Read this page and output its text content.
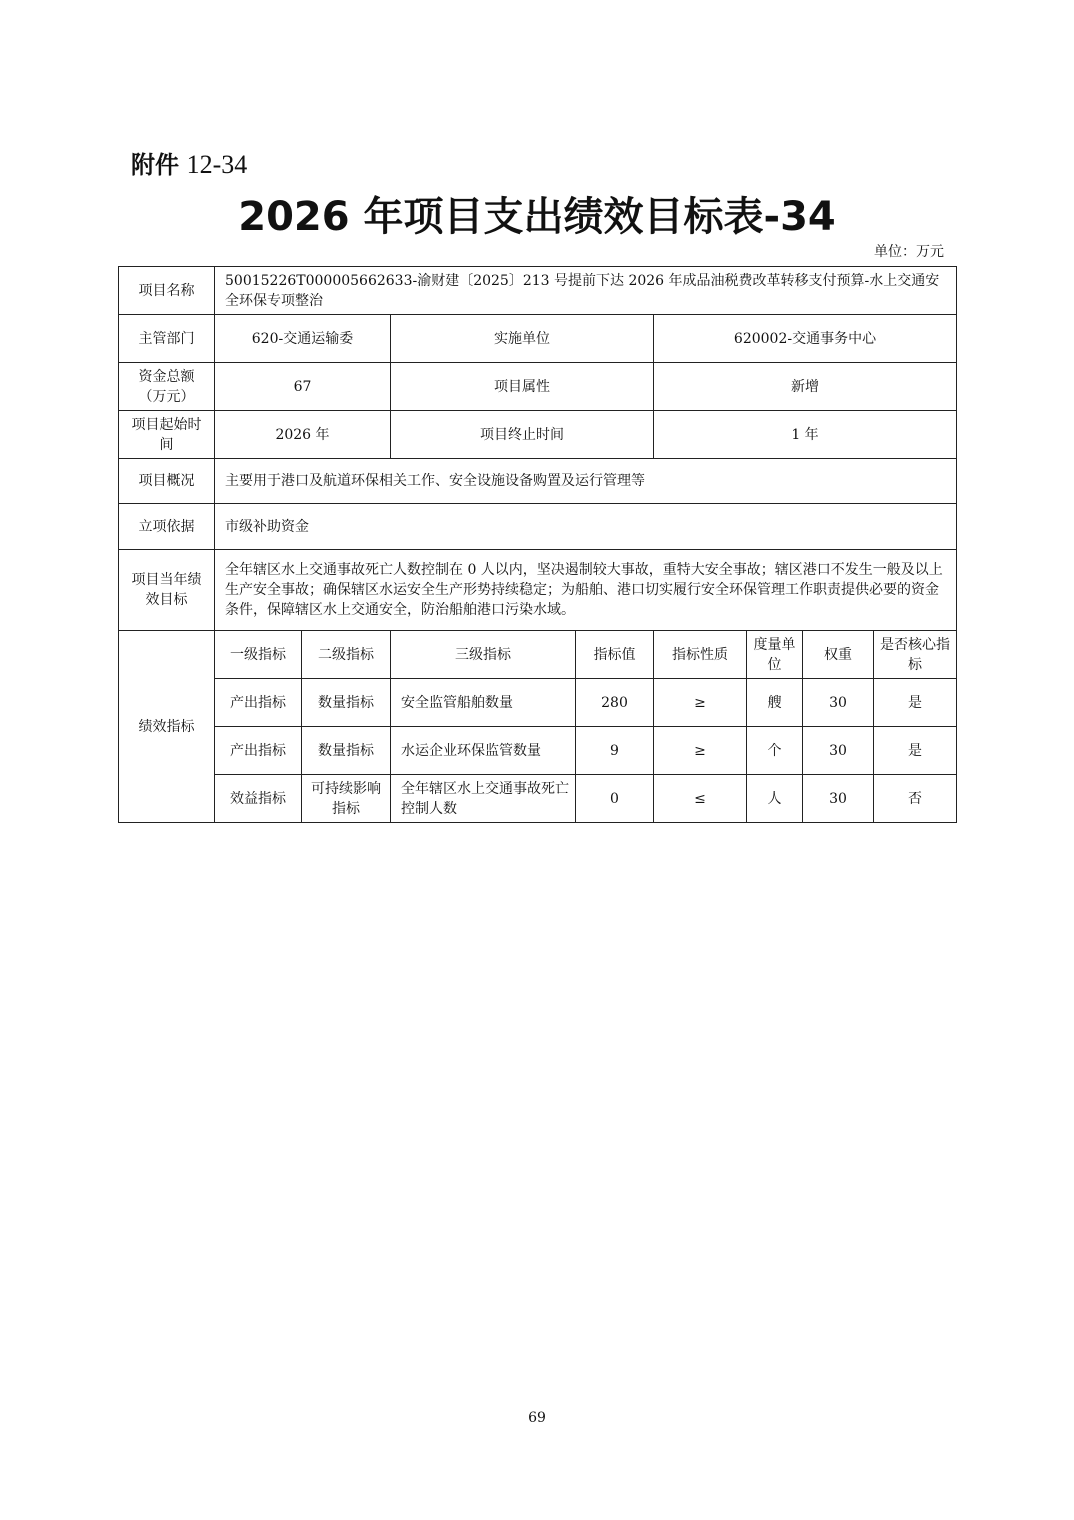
附件 12-34
2026 年项目支出绩效目标表-34
单位：万元
项目名称	50015226T000005662633-渝财建〔2025〕213 号提前下达 2026 年成品油税费改革转移支付预算-水上交通安全环保专项整治							
主管部门	620-交通运输委		实施单位		620002-交通事务中心			
资金总额（万元）	67		项目属性		新增			
项目起始时间	2026 年		项目终止时间		1 年			
项目概况	主要用于港口及航道环保相关工作、安全设施设备购置及运行管理等							
立项依据	市级补助资金							
项目当年绩效目标	全年辖区水上交通事故死亡人数控制在 0 人以内，坚决遏制较大事故，重特大安全事故；辖区港口不发生一般及以上生产安全事故；确保辖区水运安全生产形势持续稳定；为船舶、港口切实履行安全环保管理工作职责提供必要的资金条件，保障辖区水上交通安全，防治船舶港口污染水域。							
绩效指标	一级指标	二级指标	三级指标	指标值	指标性质	度量单位	权重	是否核心指标
	产出指标	数量指标	安全监管船舶数量	280	≥	艘	30	是
	产出指标	数量指标	水运企业环保监管数量	9	≥	个	30	是
	效益指标	可持续影响指标	全年辖区水上交通事故死亡控制人数	0	≤	人	30	否
69
